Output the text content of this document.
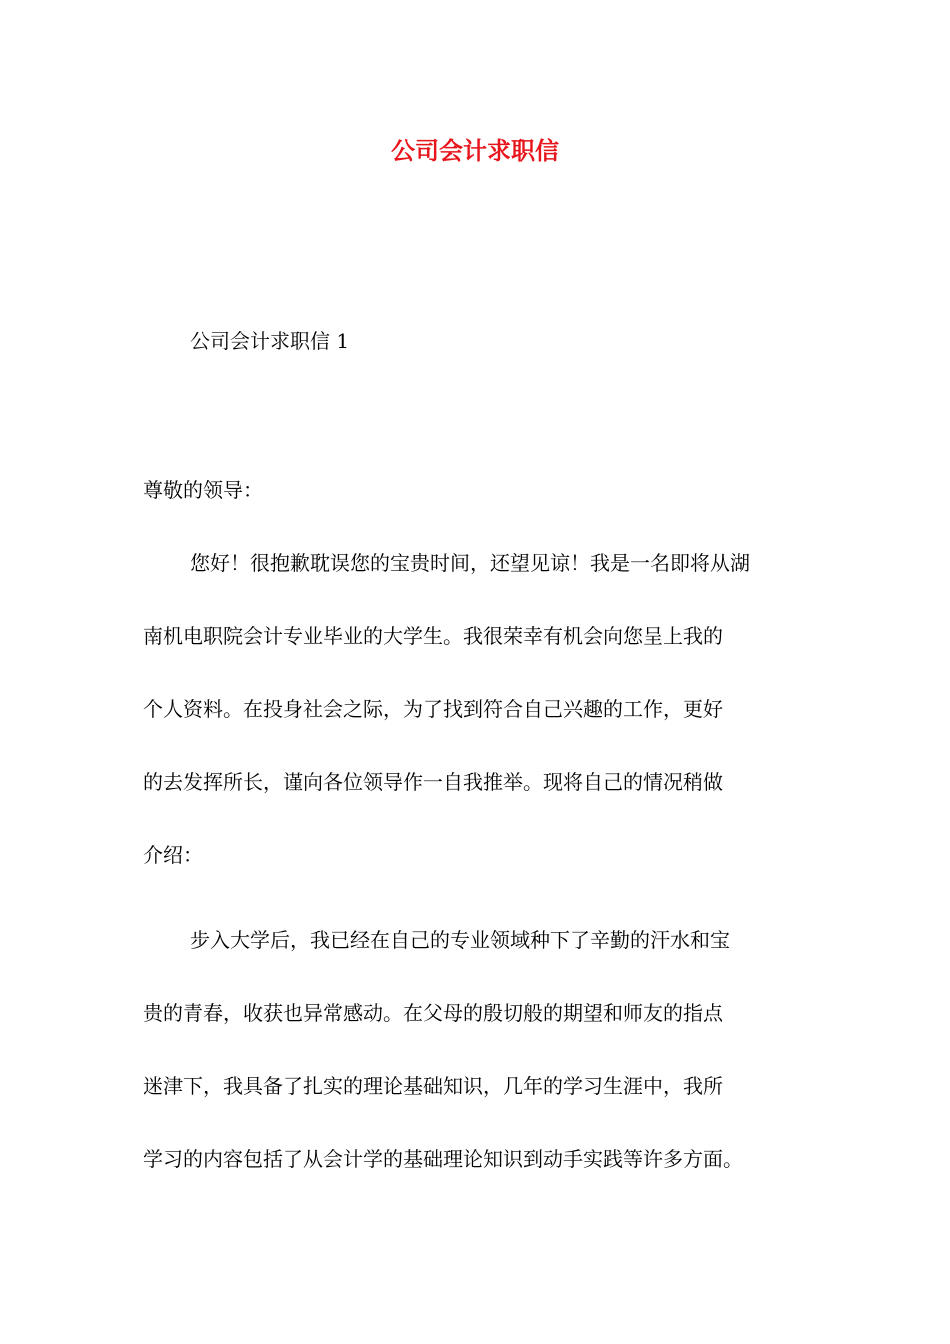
公司会计求职信
公司会计求职信 1
尊敬的领导：
您好！很抱歉耽误您的宝贵时间，还望见谅！我是一名即将从湖
南机电职院会计专业毕业的大学生。我很荣幸有机会向您呈上我的
个人资料。在投身社会之际，为了找到符合自己兴趣的工作，更好
的去发挥所长，谨向各位领导作一自我推举。现将自己的情况稍做
介绍：
步入大学后，我已经在自己的专业领域种下了辛勤的汗水和宝
贵的青春，收获也异常感动。在父母的殷切般的期望和师友的指点
迷津下，我具备了扎实的理论基础知识，几年的学习生涯中，我所
学习的内容包括了从会计学的基础理论知识到动手实践等许多方面。
